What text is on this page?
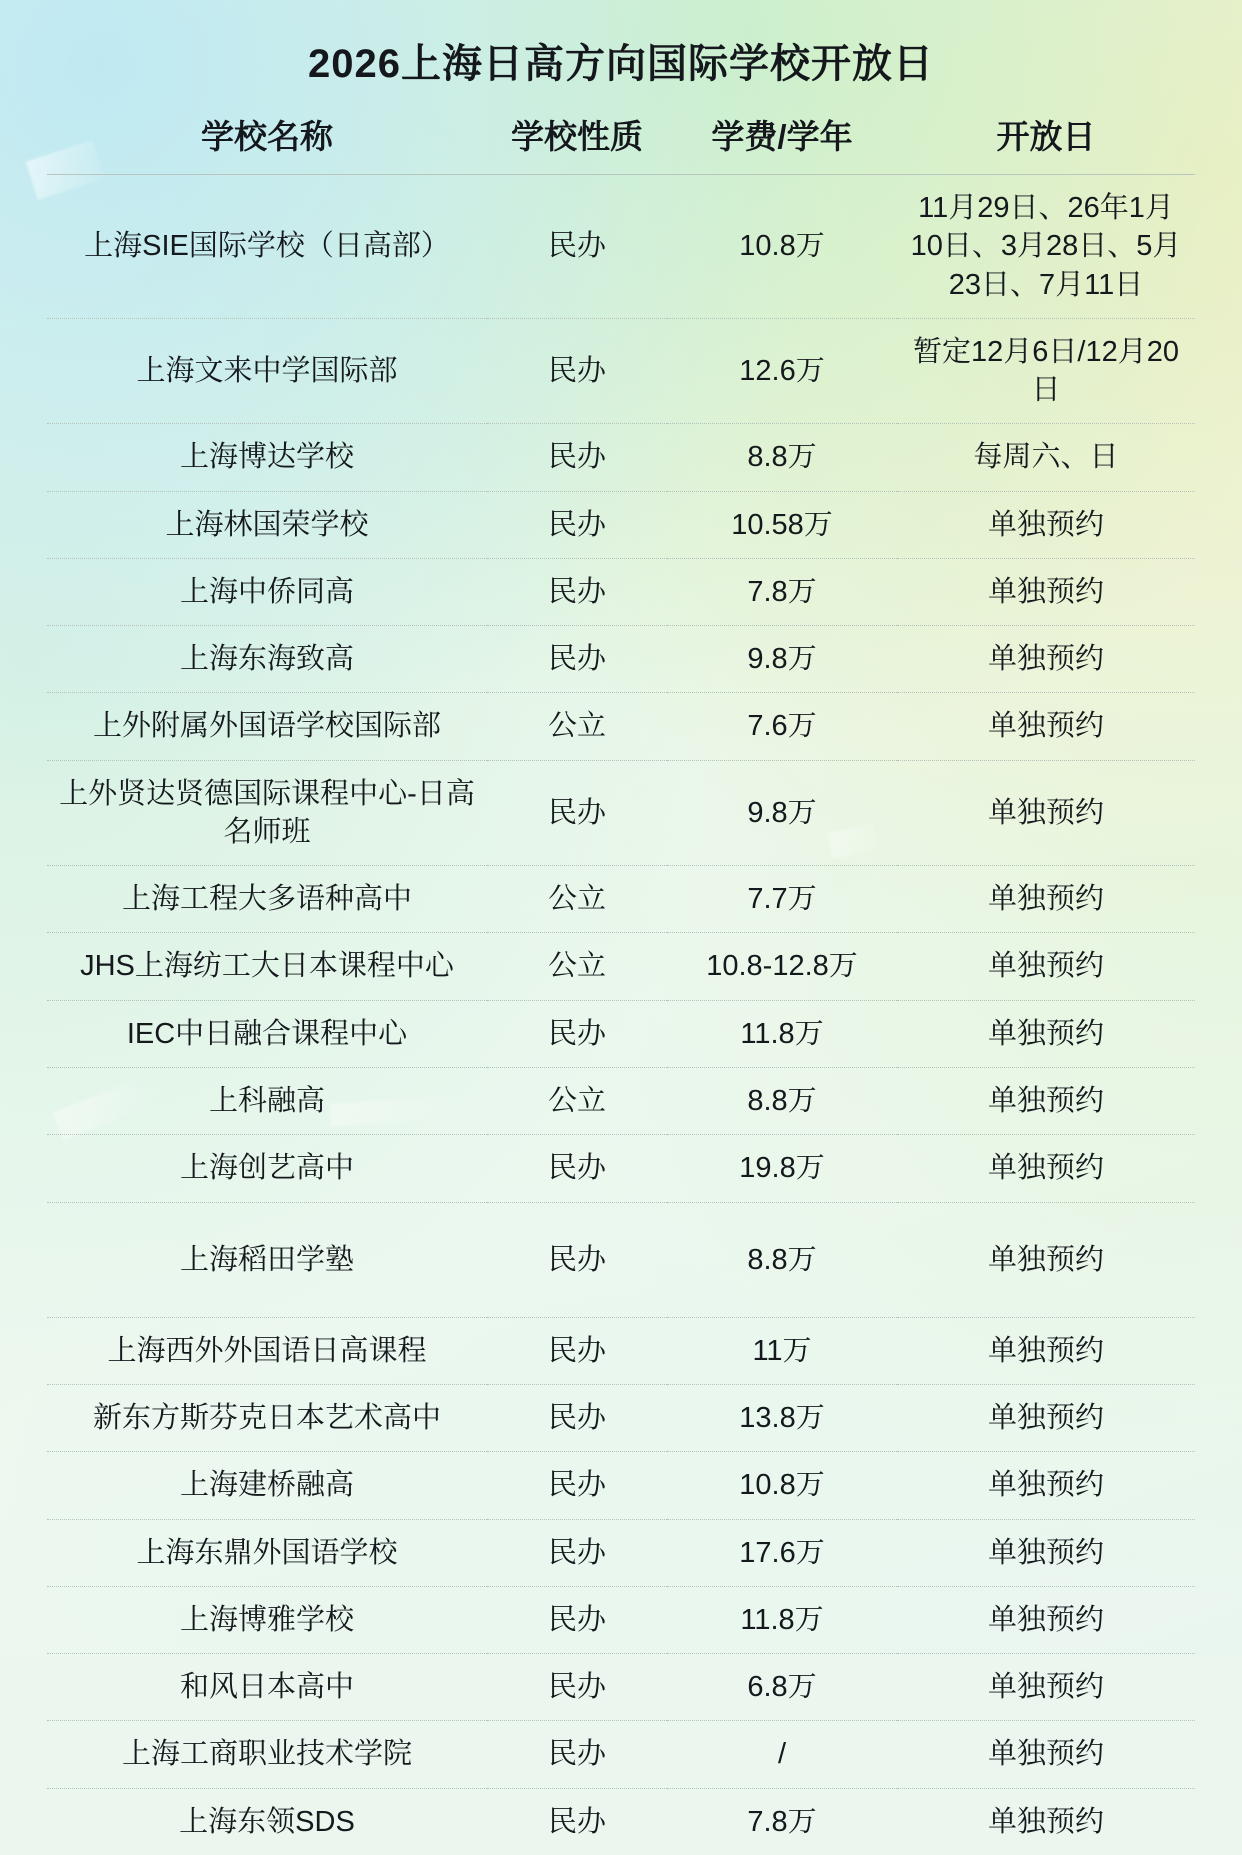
2026上海日高方向国际学校开放日
学校名称	学校性质	学费/学年	开放日
上海SIE国际学校（日高部）	民办	10.8万	11月29日、26年1月10日、3月28日、5月23日、7月11日
上海文来中学国际部	民办	12.6万	暂定12月6日/12月20日
上海博达学校	民办	8.8万	每周六、日
上海林国荣学校	民办	10.58万	单独预约
上海中侨同高	民办	7.8万	单独预约
上海东海致高	民办	9.8万	单独预约
上外附属外国语学校国际部	公立	7.6万	单独预约
上外贤达贤德国际课程中心-日高名师班	民办	9.8万	单独预约
上海工程大多语种高中	公立	7.7万	单独预约
JHS上海纺工大日本课程中心	公立	10.8-12.8万	单独预约
IEC中日融合课程中心	民办	11.8万	单独预约
上科融高	公立	8.8万	单独预约
上海创艺高中	民办	19.8万	单独预约
上海稻田学塾	民办	8.8万	单独预约
上海西外外国语日高课程	民办	11万	单独预约
新东方斯芬克日本艺术高中	民办	13.8万	单独预约
上海建桥融高	民办	10.8万	单独预约
上海东鼎外国语学校	民办	17.6万	单独预约
上海博雅学校	民办	11.8万	单独预约
和风日本高中	民办	6.8万	单独预约
上海工商职业技术学院	民办	/	单独预约
上海东领SDS	民办	7.8万	单独预约
